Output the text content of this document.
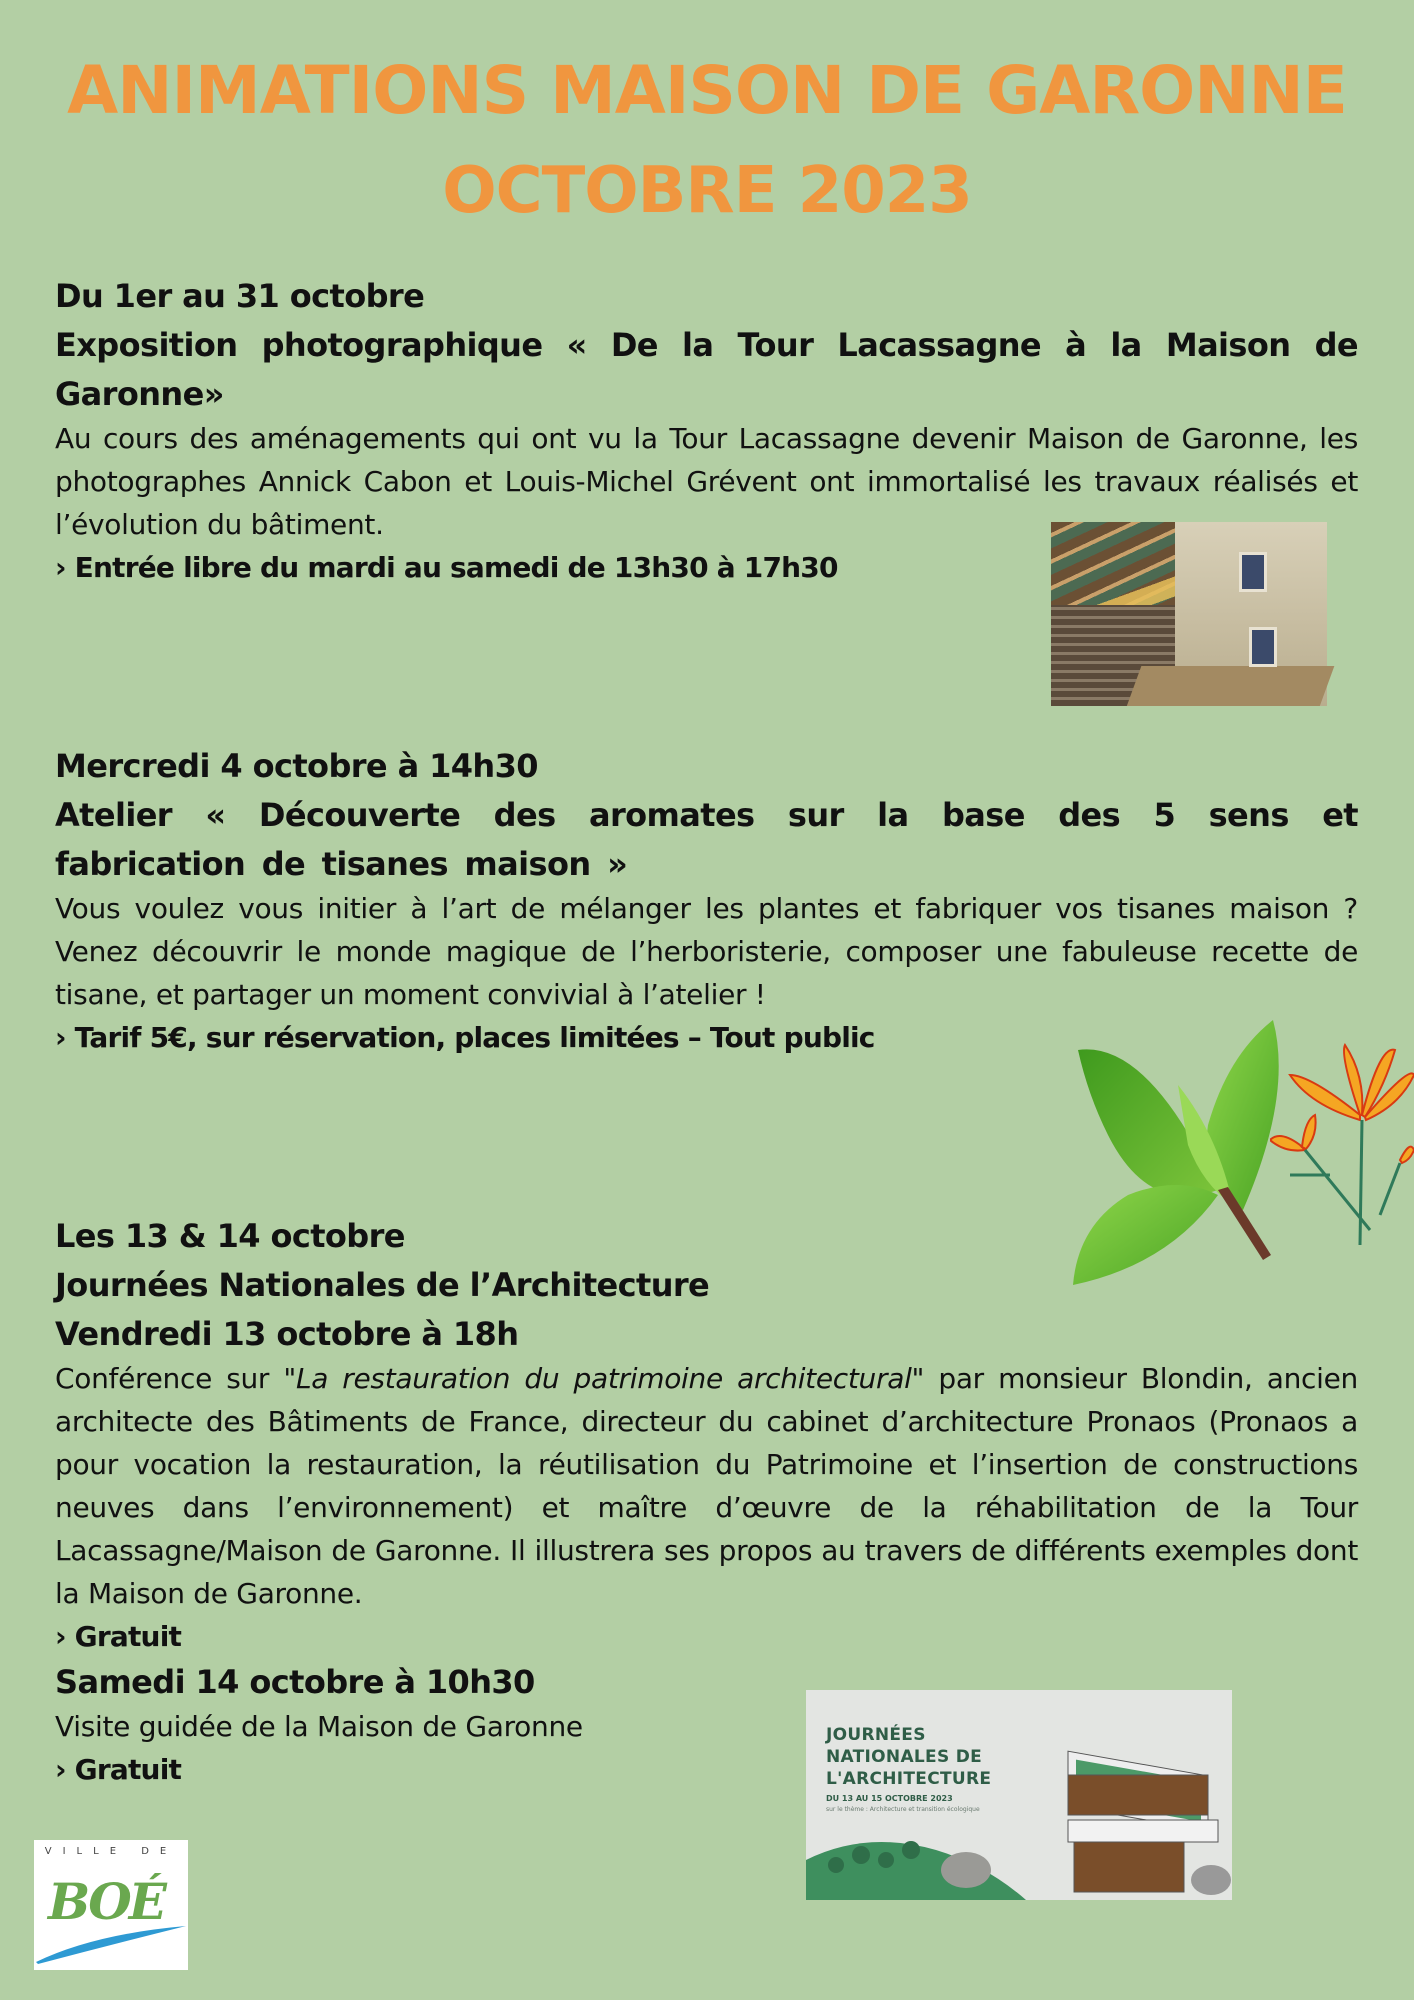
ANIMATIONS MAISON DE GARONNE
OCTOBRE 2023

Du 1er au 31 octobre

Exposition photographique « De la Tour Lacassagne à la Maison de Garonne»

Au cours des aménagements qui ont vu la Tour Lacassagne devenir Maison de Garonne, les photographes Annick Cabon et Louis-Michel Grévent ont immortalisé les travaux réalisés et l’évolution du bâtiment.

› Entrée libre du mardi au samedi de 13h30 à 17h30

Mercredi 4 octobre à 14h30

Atelier « Découverte des aromates sur la base des 5 sens et fabrication de tisanes maison »

Vous voulez vous initier à l’art de mélanger les plantes et fabriquer vos tisanes maison ? Venez découvrir le monde magique de l’herboristerie, composer une fabuleuse recette de tisane, et partager un moment convivial à l’atelier !

› Tarif 5€, sur réservation, places limitées – Tout public

Les 13 & 14 octobre

Journées Nationales de l’Architecture

Vendredi 13 octobre à 18h

Conférence sur "La restauration du patrimoine architectural" par monsieur Blondin, ancien architecte des Bâtiments de France, directeur du cabinet d’architecture Pronaos (Pronaos a pour vocation la restauration, la réutilisation du Patrimoine et l’insertion de constructions neuves dans l’environnement) et maître d’œuvre de la réhabilitation de la Tour Lacassagne/Maison de Garonne. Il illustrera ses propos au travers de différents exemples dont la Maison de Garonne.

› Gratuit

Samedi 14 octobre à 10h30

Visite guidée de la Maison de Garonne

› Gratuit

JOURNÉES
NATIONALES DE
L'ARCHITECTURE
DU 13 AU 15 OCTOBRE 2023
sur le thème : Architecture et transition écologique
VILLE DE
BOÉ
